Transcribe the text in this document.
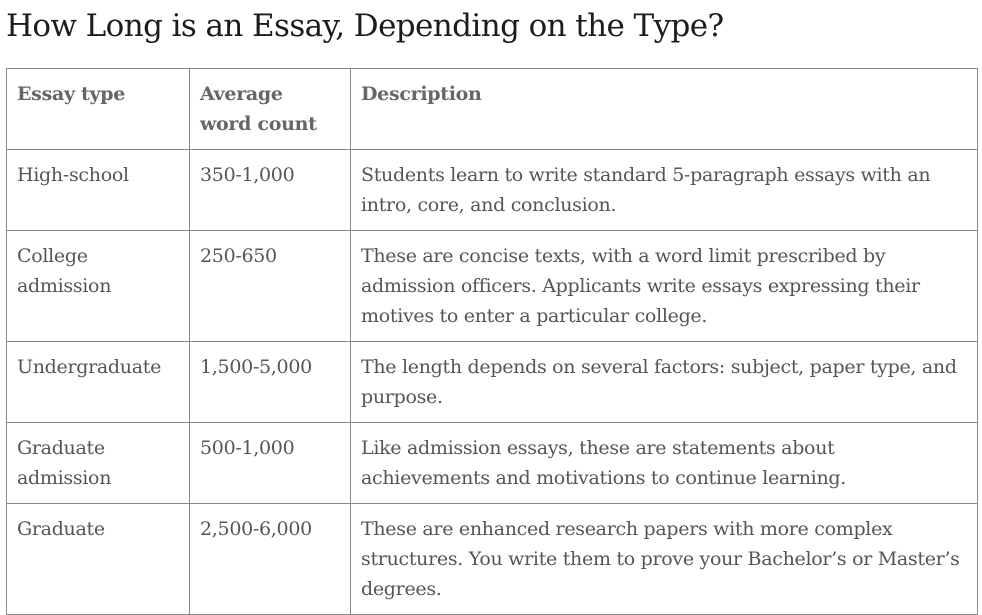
How Long is an Essay, Depending on the Type?
Essay type	Average word count	Description
High-school	350-1,000	Students learn to write standard 5-paragraph essays with an intro, core, and conclusion.
College admission	250-650	These are concise texts, with a word limit prescribed by admission officers. Applicants write essays expressing their motives to enter a particular college.
Undergraduate	1,500-5,000	The length depends on several factors: subject, paper type, and purpose.
Graduate admission	500-1,000	Like admission essays, these are statements about achievements and motivations to continue learning.
Graduate	2,500-6,000	These are enhanced research papers with more complex structures. You write them to prove your Bachelor’s or Master’s degrees.
